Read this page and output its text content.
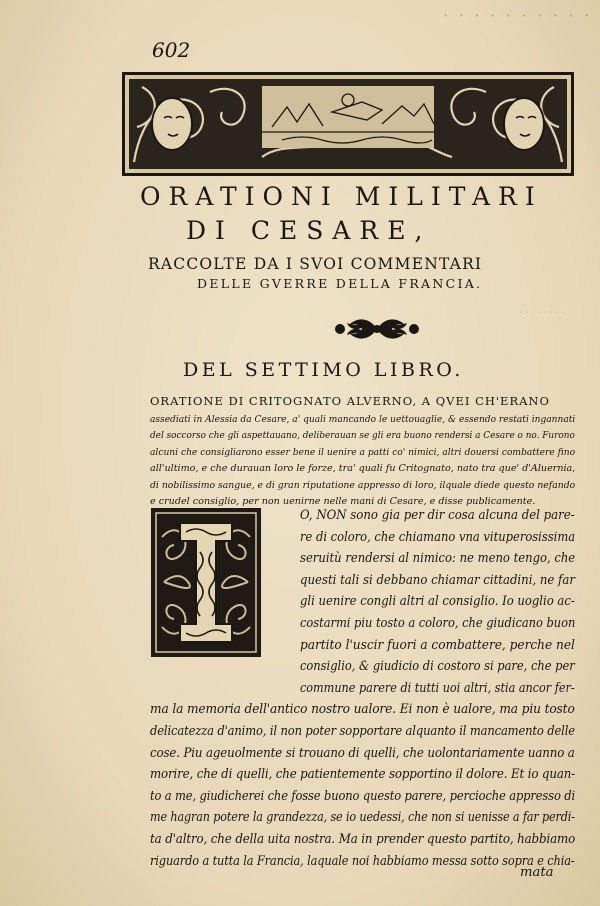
· · · · · · · · · ·
602
ORATIONI MILITARI
DI CESARE,
RACCOLTE DA I SVOI COMMENTARI
DELLE GVERRE DELLA FRANCIA.
· · · · · · · ·
DEL SETTIMO LIBRO.
ORATIONE DI CRITOGNATO ALVERNO, A QVEI CH'ERANO
assediati in Alessia da Cesare, a' quali mancando le uettouaglie, & essendo restati ingannati
del soccorso che gli aspettauano, deliberauan se gli era buono rendersi a Cesare o no. Furono
alcuni che consigliarono esser bene il uenire a patti co' nimici, altri douersi combattere fino
all'ultimo, e che durauan loro le forze, tra' quali fu Critognato, nato tra que' d'Aluernia,
di nobilissimo sangue, e di gran riputatione appresso di loro, ilquale diede questo nefando
e crudel consiglio, per non uenirne nelle mani di Cesare, e disse publicamente.
I
O, NON sono gia per dir cosa alcuna del pare-
re di coloro, che chiamano vna vituperosissima
seruitù rendersi al nimico: ne meno tengo, che
questi tali si debbano chiamar cittadini, ne far
gli uenire congli altri al consiglio. Io uoglio ac-
costarmi piu tosto a coloro, che giudicano buon
partito l'uscir fuori a combattere, perche nel
consiglio, & giudicio di costoro si pare, che per
commune parere di tutti uoi altri, stia ancor fer-
ma la memoria dell'antico nostro ualore. Ei non è ualore, ma piu tosto
delicatezza d'animo, il non poter sopportare alquanto il mancamento delle
cose. Piu ageuolmente si trouano di quelli, che uolontariamente uanno a
morire, che di quelli, che patientemente sopportino il dolore. Et io quan-
to a me, giudicherei che fosse buono questo parere, percioche appresso di
me hagran potere la grandezza, se io uedessi, che non si uenisse a far perdi-
ta d'altro, che della uita nostra. Ma in prender questo partito, habbiamo
riguardo a tutta la Francia, laquale noi habbiamo messa sotto sopra e chia-
mata
